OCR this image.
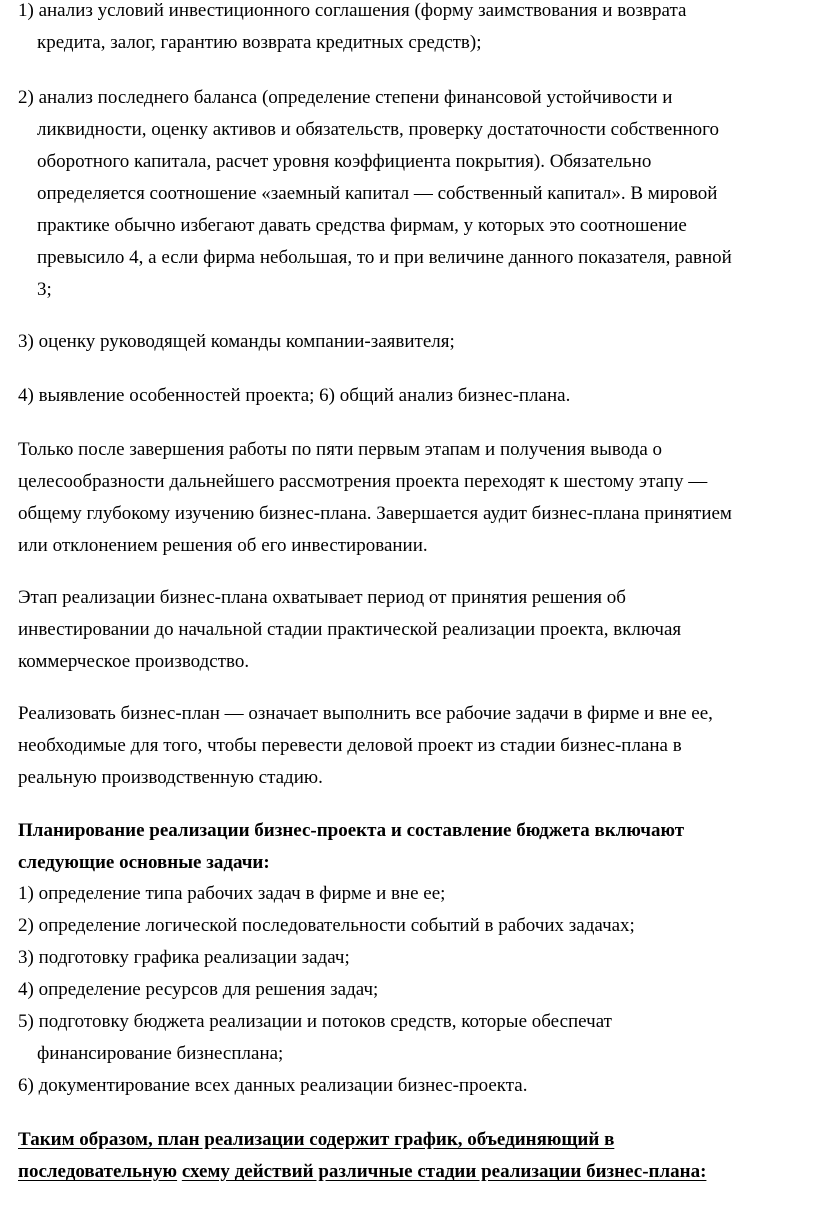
1) анализ условий инвестиционного соглашения (форму заимствования и возврата
кредита, залог, гарантию возврата кредитных средств);
2) анализ последнего баланса (определение степени финансовой устойчивости и
ликвидности, оценку активов и обязательств, проверку достаточности собственного
оборотного капитала, расчет уровня коэффициента покрытия). Обязательно
определяется соотношение «заемный капитал — собственный капитал». В мировой
практике обычно избегают давать средства фирмам, у которых это соотношение
превысило 4, а если фирма небольшая, то и при величине данного показателя, равной
3;
3) оценку руководящей команды компании-заявителя;
4) выявление особенностей проекта; 6) общий анализ бизнес-плана.
Только после завершения работы по пяти первым этапам и получения вывода о
целесообразности дальнейшего рассмотрения проекта переходят к шестому этапу —
общему глубокому изучению бизнес-плана. Завершается аудит бизнес-плана принятием
или отклонением решения об его инвестировании.
Этап реализации бизнес-плана охватывает период от принятия решения об
инвестировании до начальной стадии практической реализации проекта, включая
коммерческое производство.
Реализовать бизнес-план — означает выполнить все рабочие задачи в фирме и вне ее,
необходимые для того, чтобы перевести деловой проект из стадии бизнес-плана в
реальную производственную стадию.
Планирование реализации бизнес-проекта и составление бюджета включают
следующие основные задачи:
1) определение типа рабочих задач в фирме и вне ее;
2) определение логической последовательности событий в рабочих задачах;
3) подготовку графика реализации задач;
4) определение ресурсов для решения задач;
5) подготовку бюджета реализации и потоков средств, которые обеспечат
финансирование бизнесплана;
6) документирование всех данных реализации бизнес-проекта.
Таким образом, план реализации содержит график, объединяющий в
последовательную схему действий различные стадии реализации бизнес-плана:
